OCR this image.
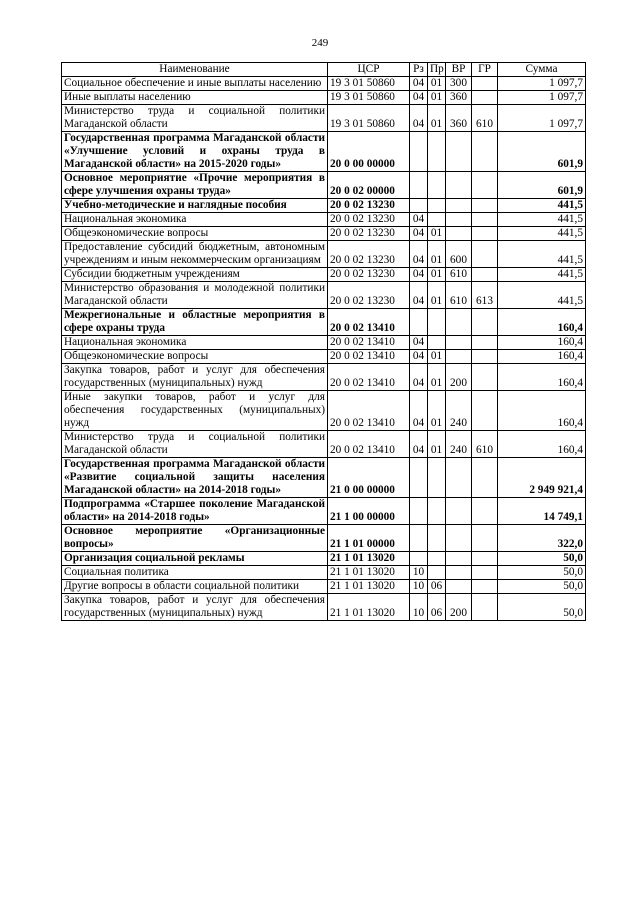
249
Наименование	ЦСР	Рз	Пр	ВР	ГР	Сумма
Социальное обеспечение и иные выплаты населению	19 3 01 50860	04	01	300		1 097,7
Иные выплаты населению	19 3 01 50860	04	01	360		1 097,7
Министерство труда и социальной политики Магаданской области	19 3 01 50860	04	01	360	610	1 097,7
Государственная программа Магаданской области «Улучшение условий и охраны труда в Магаданской области» на 2015-2020 годы»	20 0 00 00000					601,9
Основное мероприятие «Прочие мероприятия в сфере улучшения охраны труда»	20 0 02 00000					601,9
Учебно-методические и наглядные пособия	20 0 02 13230					441,5
Национальная экономика	20 0 02 13230	04				441,5
Общеэкономические вопросы	20 0 02 13230	04	01			441,5
Предоставление субсидий бюджетным, автономным учреждениям и иным некоммерческим организациям	20 0 02 13230	04	01	600		441,5
Субсидии бюджетным учреждениям	20 0 02 13230	04	01	610		441,5
Министерство образования и молодежной политики Магаданской области	20 0 02 13230	04	01	610	613	441,5
Межрегиональные и областные мероприятия в сфере охраны труда	20 0 02 13410					160,4
Национальная экономика	20 0 02 13410	04				160,4
Общеэкономические вопросы	20 0 02 13410	04	01			160,4
Закупка товаров, работ и услуг для обеспечения государственных (муниципальных) нужд	20 0 02 13410	04	01	200		160,4
Иные закупки товаров, работ и услуг для обеспечения государственных (муниципальных) нужд	20 0 02 13410	04	01	240		160,4
Министерство труда и социальной политики Магаданской области	20 0 02 13410	04	01	240	610	160,4
Государственная программа Магаданской области «Развитие социальной защиты населения Магаданской области» на 2014-2018 годы»	21 0 00 00000					2 949 921,4
Подпрограмма «Старшее поколение Магаданской области» на 2014-2018 годы»	21 1 00 00000					14 749,1
Основное мероприятие «Организационные вопросы»	21 1 01 00000					322,0
Организация социальной рекламы	21 1 01 13020					50,0
Социальная политика	21 1 01 13020	10				50,0
Другие вопросы в области социальной политики	21 1 01 13020	10	06			50,0
Закупка товаров, работ и услуг для обеспечения государственных (муниципальных) нужд	21 1 01 13020	10	06	200		50,0
